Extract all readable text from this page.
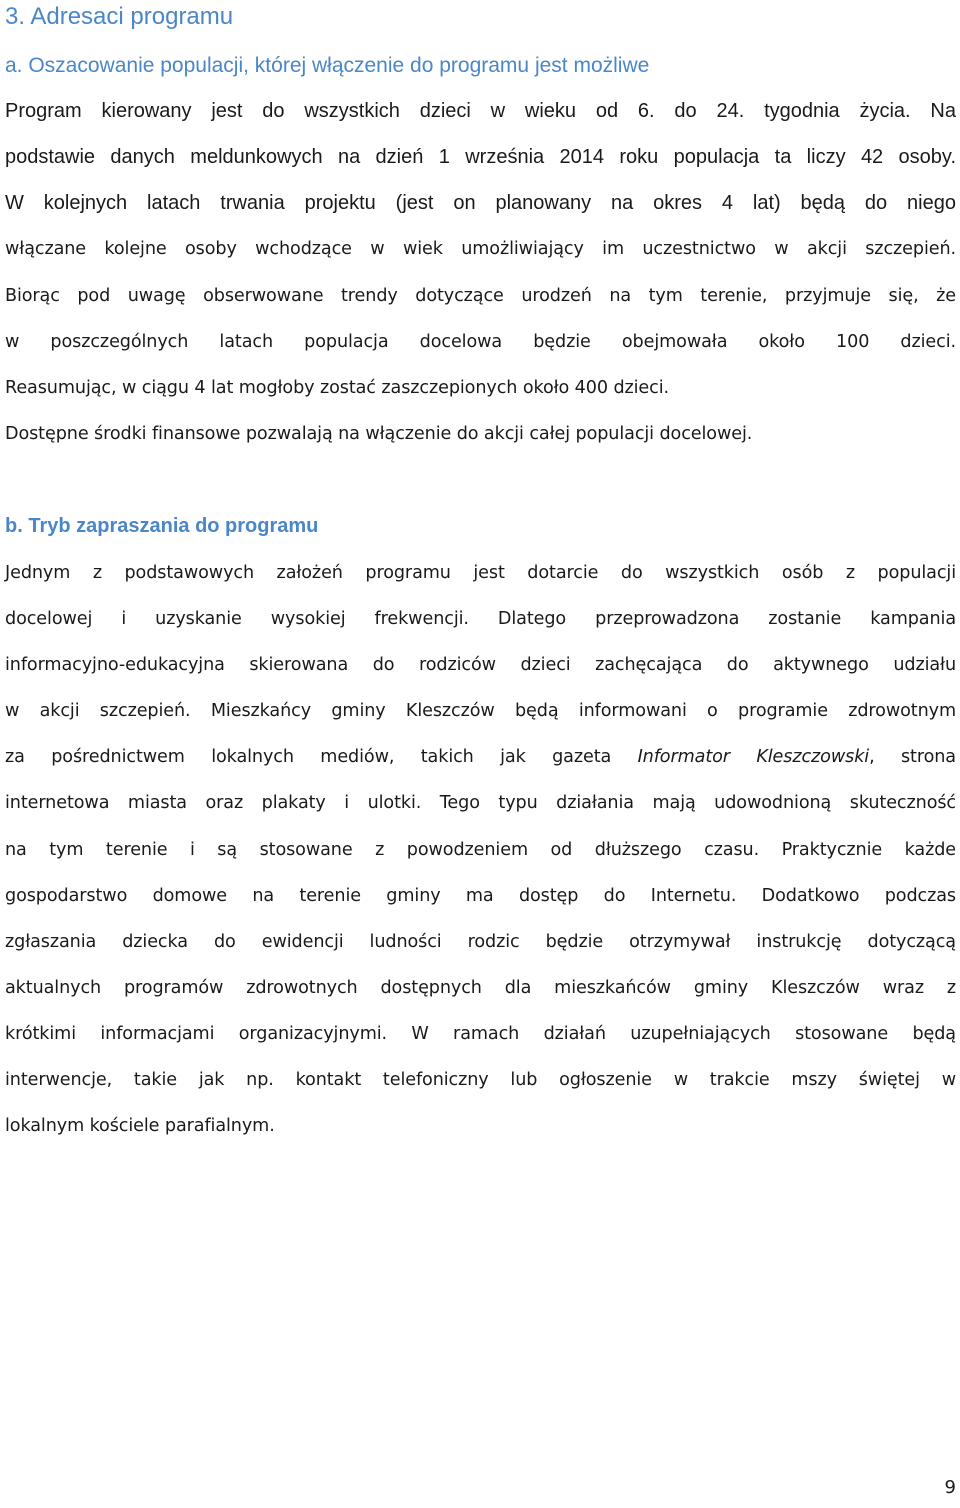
3. Adresaci programu
a. Oszacowanie populacji, której włączenie do programu jest możliwe
Program kierowany jest do wszystkich dzieci w wieku od 6. do 24. tygodnia życia. Na
podstawie danych meldunkowych na dzień 1 września 2014 roku populacja ta liczy 42 osoby.
W kolejnych latach trwania projektu (jest on planowany na okres 4 lat) będą do niego
włączane kolejne osoby wchodzące w wiek umożliwiający im uczestnictwo w akcji szczepień.
Biorąc pod uwagę obserwowane trendy dotyczące urodzeń na tym terenie, przyjmuje się, że
w poszczególnych latach populacja docelowa będzie obejmowała około 100 dzieci.
Reasumując, w ciągu 4 lat mogłoby zostać zaszczepionych około 400 dzieci.
Dostępne środki finansowe pozwalają na włączenie do akcji całej populacji docelowej.
b. Tryb zapraszania do programu
Jednym z podstawowych założeń programu jest dotarcie do wszystkich osób z populacji
docelowej i uzyskanie wysokiej frekwencji. Dlatego przeprowadzona zostanie kampania
informacyjno-edukacyjna skierowana do rodziców dzieci zachęcająca do aktywnego udziału
w akcji szczepień. Mieszkańcy gminy Kleszczów będą informowani o programie zdrowotnym
za pośrednictwem lokalnych mediów, takich jak gazeta Informator Kleszczowski, strona
internetowa miasta oraz plakaty i ulotki. Tego typu działania mają udowodnioną skuteczność
na tym terenie i są stosowane z powodzeniem od dłuższego czasu. Praktycznie każde
gospodarstwo domowe na terenie gminy ma dostęp do Internetu. Dodatkowo podczas
zgłaszania dziecka do ewidencji ludności rodzic będzie otrzymywał instrukcję dotyczącą
aktualnych programów zdrowotnych dostępnych dla mieszkańców gminy Kleszczów wraz z
krótkimi informacjami organizacyjnymi. W ramach działań uzupełniających stosowane będą
interwencje, takie jak np. kontakt telefoniczny lub ogłoszenie w trakcie mszy świętej w
lokalnym kościele parafialnym.
9
